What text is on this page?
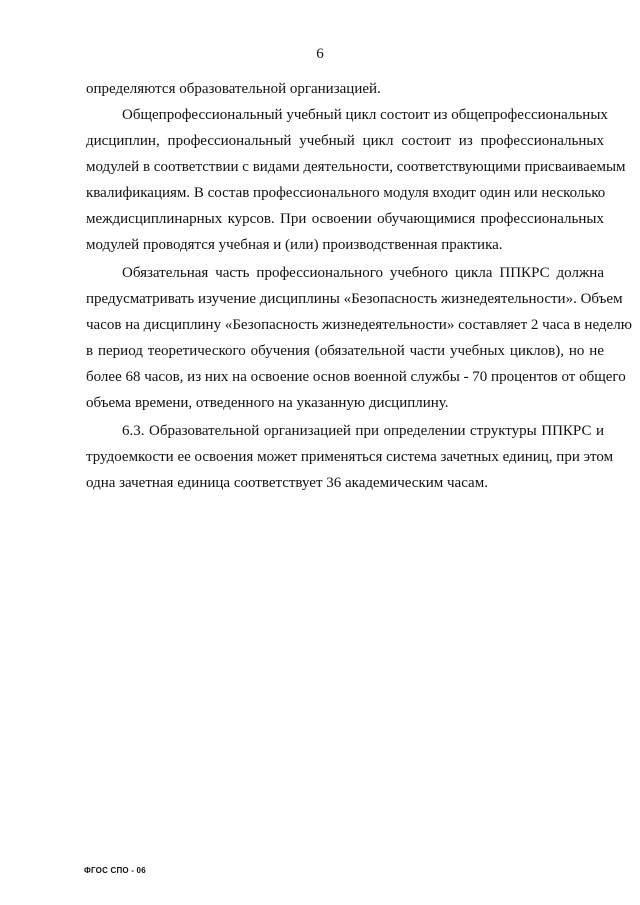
6
определяются образовательной организацией.
Общепрофессиональный учебный цикл состоит из общепрофессиональных
дисциплин, профессиональный учебный цикл состоит из профессиональных
модулей в соответствии с видами деятельности, соответствующими присваиваемым
квалификациям. В состав профессионального модуля входит один или несколько
междисциплинарных курсов. При освоении обучающимися профессиональных
модулей проводятся учебная и (или) производственная практика.
Обязательная часть профессионального учебного цикла ППКРС должна
предусматривать изучение дисциплины «Безопасность жизнедеятельности». Объем
часов на дисциплину «Безопасность жизнедеятельности» составляет 2 часа в неделю
в период теоретического обучения (обязательной части учебных циклов), но не
более 68 часов, из них на освоение основ военной службы - 70 процентов от общего
объема времени, отведенного на указанную дисциплину.
6.3. Образовательной организацией при определении структуры ППКРС и
трудоемкости ее освоения может применяться система зачетных единиц, при этом
одна зачетная единица соответствует 36 академическим часам.
ФГОС СПО - 06
